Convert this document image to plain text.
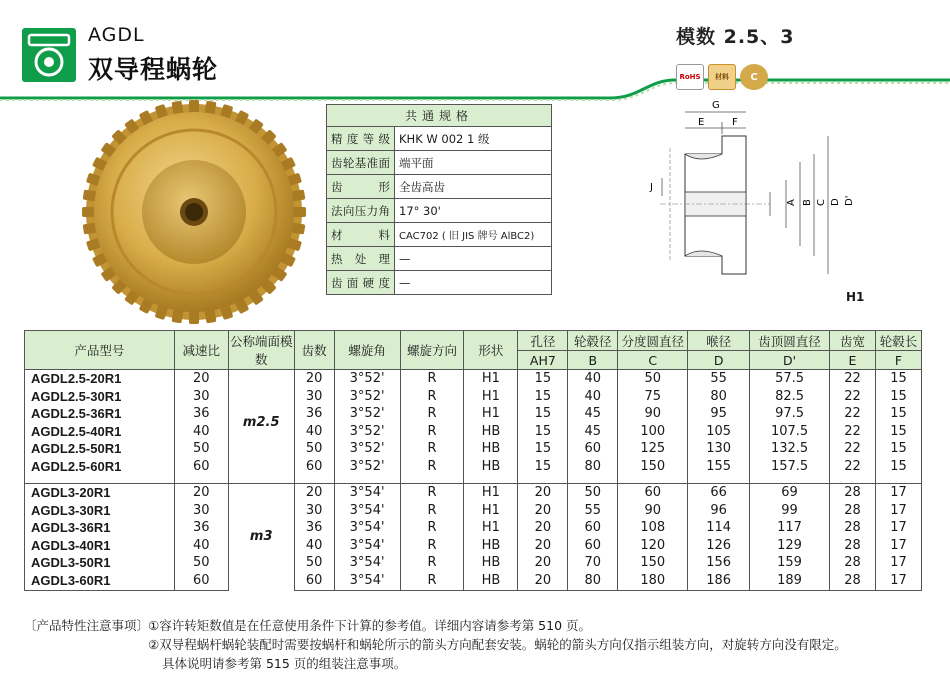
AGDL
双导程蜗轮
模数 2.5、3
RoHS	材料	C
共通规格	
精度等级	KHK W 002 1 级
齿轮基准面	端平面
齿形	全齿高齿
法向压力角	17° 30'
材料	CAC702 ( 旧 JIS 牌号 AlBC2)
热处理	—
齿面硬度	—
G
E	F
J
A B C D D'
H1
产品型号	减速比	公称端面模数	齿数	螺旋角	螺旋方向	形状	孔径	轮毂径	分度圆直径	喉径	齿顶圆直径	齿宽	轮毂长
							AH7	B	C	D	D'	E	F
AGDL2.5-20R1	20	m2.5	20	3°52'	R	H1	15	40	50	55	57.5	22	15
AGDL2.5-30R1	30		30	3°52'	R	H1	15	40	75	80	82.5	22	15
AGDL2.5-36R1	36		36	3°52'	R	H1	15	45	90	95	97.5	22	15
AGDL2.5-40R1	40		40	3°52'	R	HB	15	45	100	105	107.5	22	15
AGDL2.5-50R1	50		50	3°52'	R	HB	15	60	125	130	132.5	22	15
AGDL2.5-60R1	60		60	3°52'	R	HB	15	80	150	155	157.5	22	15

AGDL3-20R1	20	m3	20	3°54'	R	H1	20	50	60	66	69	28	17
AGDL3-30R1	30		30	3°54'	R	H1	20	55	90	96	99	28	17
AGDL3-36R1	36		36	3°54'	R	H1	20	60	108	114	117	28	17
AGDL3-40R1	40		40	3°54'	R	HB	20	60	120	126	129	28	17
AGDL3-50R1	50		50	3°54'	R	HB	20	70	150	156	159	28	17
AGDL3-60R1	60		60	3°54'	R	HB	20	80	180	186	189	28	17
〔产品特性注意事项〕
①容许转矩数值是在任意使用条件下计算的参考值。详细内容请参考第 510 页。
②双导程蜗杆蜗轮装配时需要按蜗杆和蜗轮所示的箭头方向配套安装。蜗轮的箭头方向仅指示组装方向，对旋转方向没有限定。
具体说明请参考第 515 页的组装注意事项。
